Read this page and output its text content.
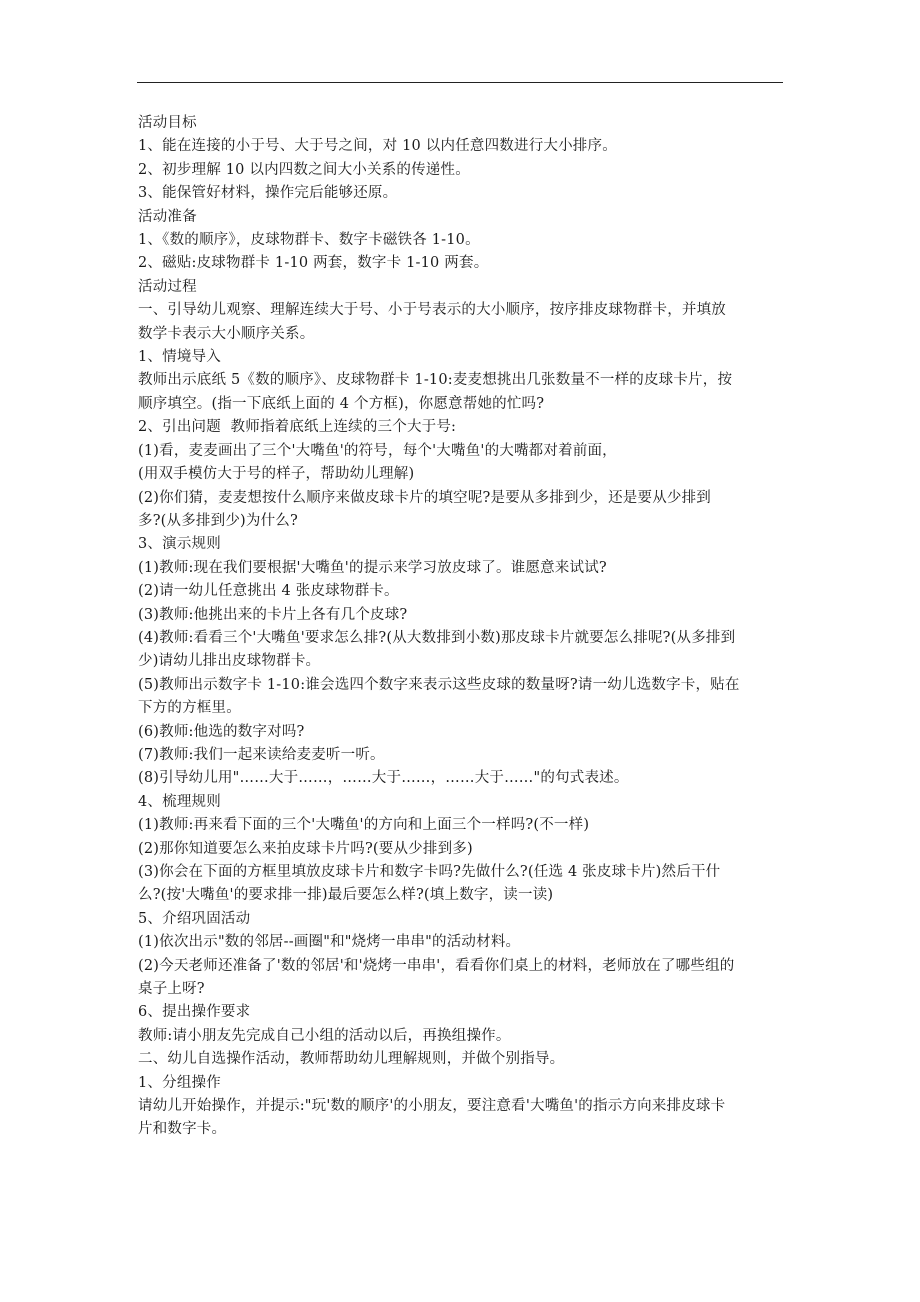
活动目标
1、能在连接的小于号、大于号之间，对 10 以内任意四数进行大小排序。
2、初步理解 10 以内四数之间大小关系的传递性。
3、能保管好材料，操作完后能够还原。
活动准备
1、《数的顺序》，皮球物群卡、数字卡磁铁各 1-10。
2、磁贴:皮球物群卡 1-10 两套，数字卡 1-10 两套。
活动过程
一、引导幼儿观察、理解连续大于号、小于号表示的大小顺序，按序排皮球物群卡，并填放
数学卡表示大小顺序关系。
1、情境导入
教师出示底纸 5《数的顺序》、皮球物群卡 1-10:麦麦想挑出几张数量不一样的皮球卡片，按
顺序填空。(指一下底纸上面的 4 个方框)，你愿意帮她的忙吗?
2、引出问题  教师指着底纸上连续的三个大于号:
(1)看，麦麦画出了三个'大嘴鱼'的符号，每个'大嘴鱼'的大嘴都对着前面，
(用双手模仿大于号的样子，帮助幼儿理解)
(2)你们猜，麦麦想按什么顺序来做皮球卡片的填空呢?是要从多排到少，还是要从少排到
多?(从多排到少)为什么?
3、演示规则
(1)教师:现在我们要根据'大嘴鱼'的提示来学习放皮球了。谁愿意来试试?
(2)请一幼儿任意挑出 4 张皮球物群卡。
(3)教师:他挑出来的卡片上各有几个皮球?
(4)教师:看看三个'大嘴鱼'要求怎么排?(从大数排到小数)那皮球卡片就要怎么排呢?(从多排到
少)请幼儿排出皮球物群卡。
(5)教师出示数字卡 1-10:谁会选四个数字来表示这些皮球的数量呀?请一幼儿选数字卡，贴在
下方的方框里。
(6)教师:他选的数字对吗?
(7)教师:我们一起来读给麦麦听一听。
(8)引导幼儿用"……大于……，……大于……，……大于……"的句式表述。
4、梳理规则
(1)教师:再来看下面的三个'大嘴鱼'的方向和上面三个一样吗?(不一样)
(2)那你知道要怎么来拍皮球卡片吗?(要从少排到多)
(3)你会在下面的方框里填放皮球卡片和数字卡吗?先做什么?(任选 4 张皮球卡片)然后干什
么?(按'大嘴鱼'的要求排一排)最后要怎么样?(填上数字，读一读)
5、介绍巩固活动
(1)依次出示"数的邻居--画圈"和"烧烤一串串"的活动材料。
(2)今天老师还准备了'数的邻居'和'烧烤一串串'，看看你们桌上的材料，老师放在了哪些组的
桌子上呀?
6、提出操作要求
教师:请小朋友先完成自己小组的活动以后，再换组操作。
二、幼儿自选操作活动，教师帮助幼儿理解规则，并做个别指导。
1、分组操作
请幼儿开始操作，并提示:"玩'数的顺序'的小朋友，要注意看'大嘴鱼'的指示方向来排皮球卡
片和数字卡。
